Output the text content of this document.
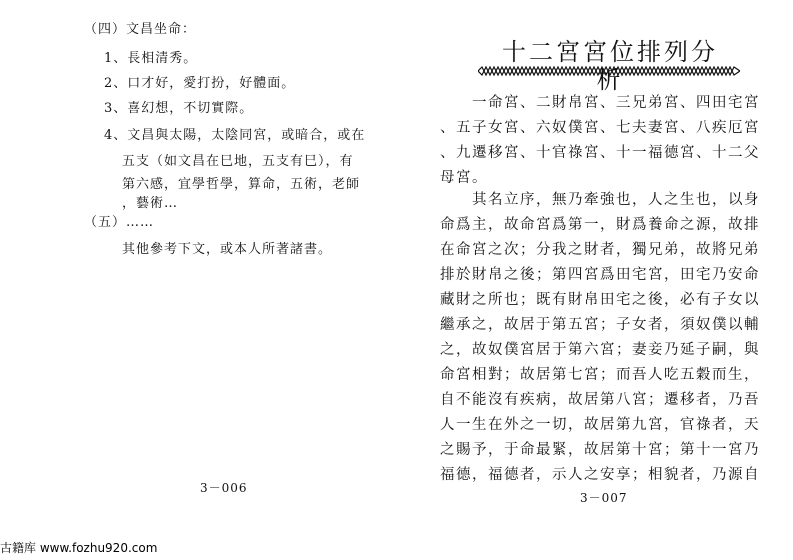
（四）文昌坐命：
1、長相清秀。
2、口才好，愛打扮，好體面。
3、喜幻想，不切實際。
4、文昌與太陽，太陰同宮，或暗合，或在
五支（如文昌在巳地，五支有巳），有
第六感，宜學哲學，算命，五術，老師
，藝術…
（五）……
其他參考下文，或本人所著諸書。
3－006
十二宮宮位排列分析
一命宮、二財帛宮、三兄弟宮、四田宅宮
、五子女宮、六奴僕宮、七夫妻宮、八疾厄宮
、九遷移宮、十官祿宮、十一福德宮、十二父
母宮。
其名立序，無乃牽強也，人之生也，以身
命爲主，故命宮爲第一，財爲養命之源，故排
在命宮之次；分我之財者，獨兄弟，故將兄弟
排於財帛之後；第四宮爲田宅宮，田宅乃安命
藏財之所也；既有財帛田宅之後，必有子女以
繼承之，故居于第五宮；子女者，須奴僕以輔
之，故奴僕宮居于第六宮；妻妾乃延子嗣，與
命宮相對；故居第七宮；而吾人吃五穀而生，
自不能沒有疾病，故居第八宮；遷移者，乃吾
人一生在外之一切，故居第九宮，官祿者，天
之賜予，于命最緊，故居第十宮；第十一宮乃
福德，福德者，示人之安享；相貌者，乃源自
3－007
古籍库 www.fozhu920.com
